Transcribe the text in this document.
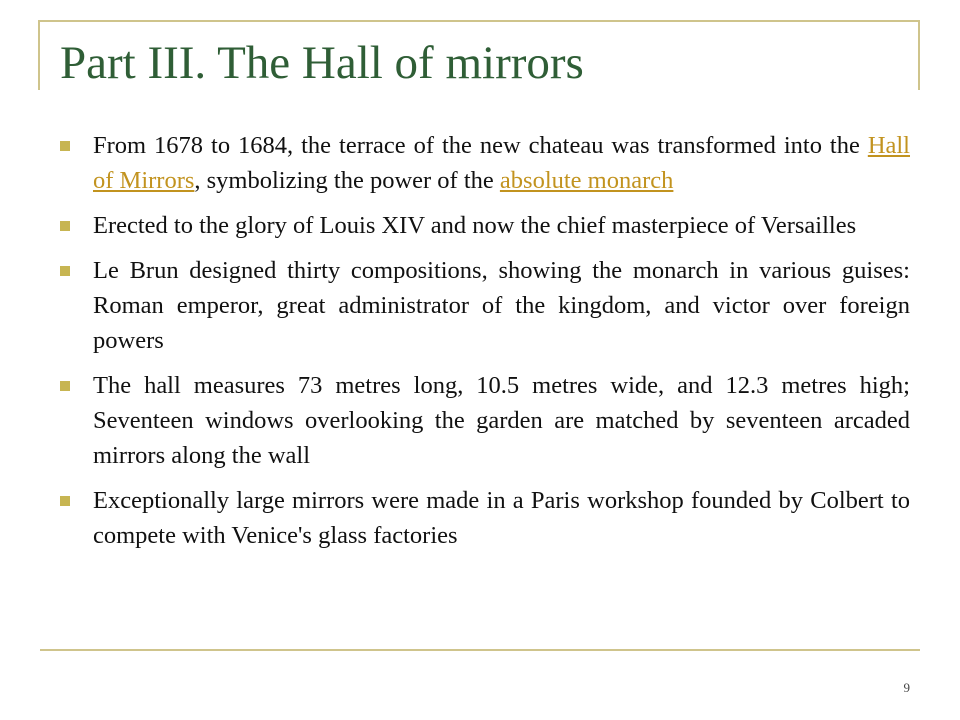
Part III. The Hall of mirrors
From 1678 to 1684, the terrace of the new chateau was transformed into the Hall of Mirrors, symbolizing the power of the absolute monarch
Erected to the glory of Louis XIV and now the chief masterpiece of Versailles
Le Brun designed thirty compositions, showing the monarch in various guises: Roman emperor, great administrator of the kingdom, and victor over foreign powers
The hall measures 73 metres long, 10.5 metres wide, and 12.3 metres high; Seventeen windows overlooking the garden are matched by seventeen arcaded mirrors along the wall
Exceptionally large mirrors were made in a Paris workshop founded by Colbert to compete with Venice's glass factories
9
